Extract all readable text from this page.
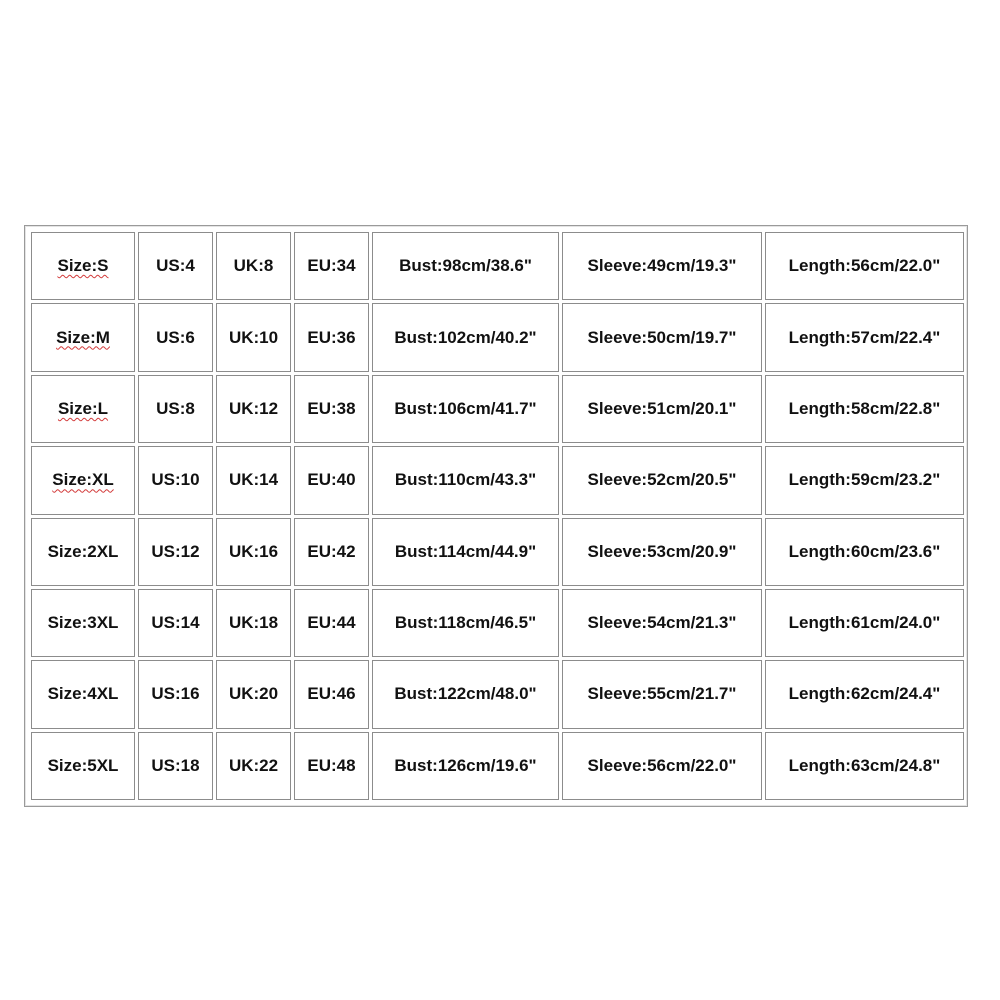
Size:S	US:4	UK:8	EU:34	Bust:98cm/38.6"	Sleeve:49cm/19.3"	Length:56cm/22.0"
Size:M	US:6	UK:10	EU:36	Bust:102cm/40.2"	Sleeve:50cm/19.7"	Length:57cm/22.4"
Size:L	US:8	UK:12	EU:38	Bust:106cm/41.7"	Sleeve:51cm/20.1"	Length:58cm/22.8"
Size:XL	US:10	UK:14	EU:40	Bust:110cm/43.3"	Sleeve:52cm/20.5"	Length:59cm/23.2"
Size:2XL	US:12	UK:16	EU:42	Bust:114cm/44.9"	Sleeve:53cm/20.9"	Length:60cm/23.6"
Size:3XL	US:14	UK:18	EU:44	Bust:118cm/46.5"	Sleeve:54cm/21.3"	Length:61cm/24.0"
Size:4XL	US:16	UK:20	EU:46	Bust:122cm/48.0"	Sleeve:55cm/21.7"	Length:62cm/24.4"
Size:5XL	US:18	UK:22	EU:48	Bust:126cm/19.6"	Sleeve:56cm/22.0"	Length:63cm/24.8"
